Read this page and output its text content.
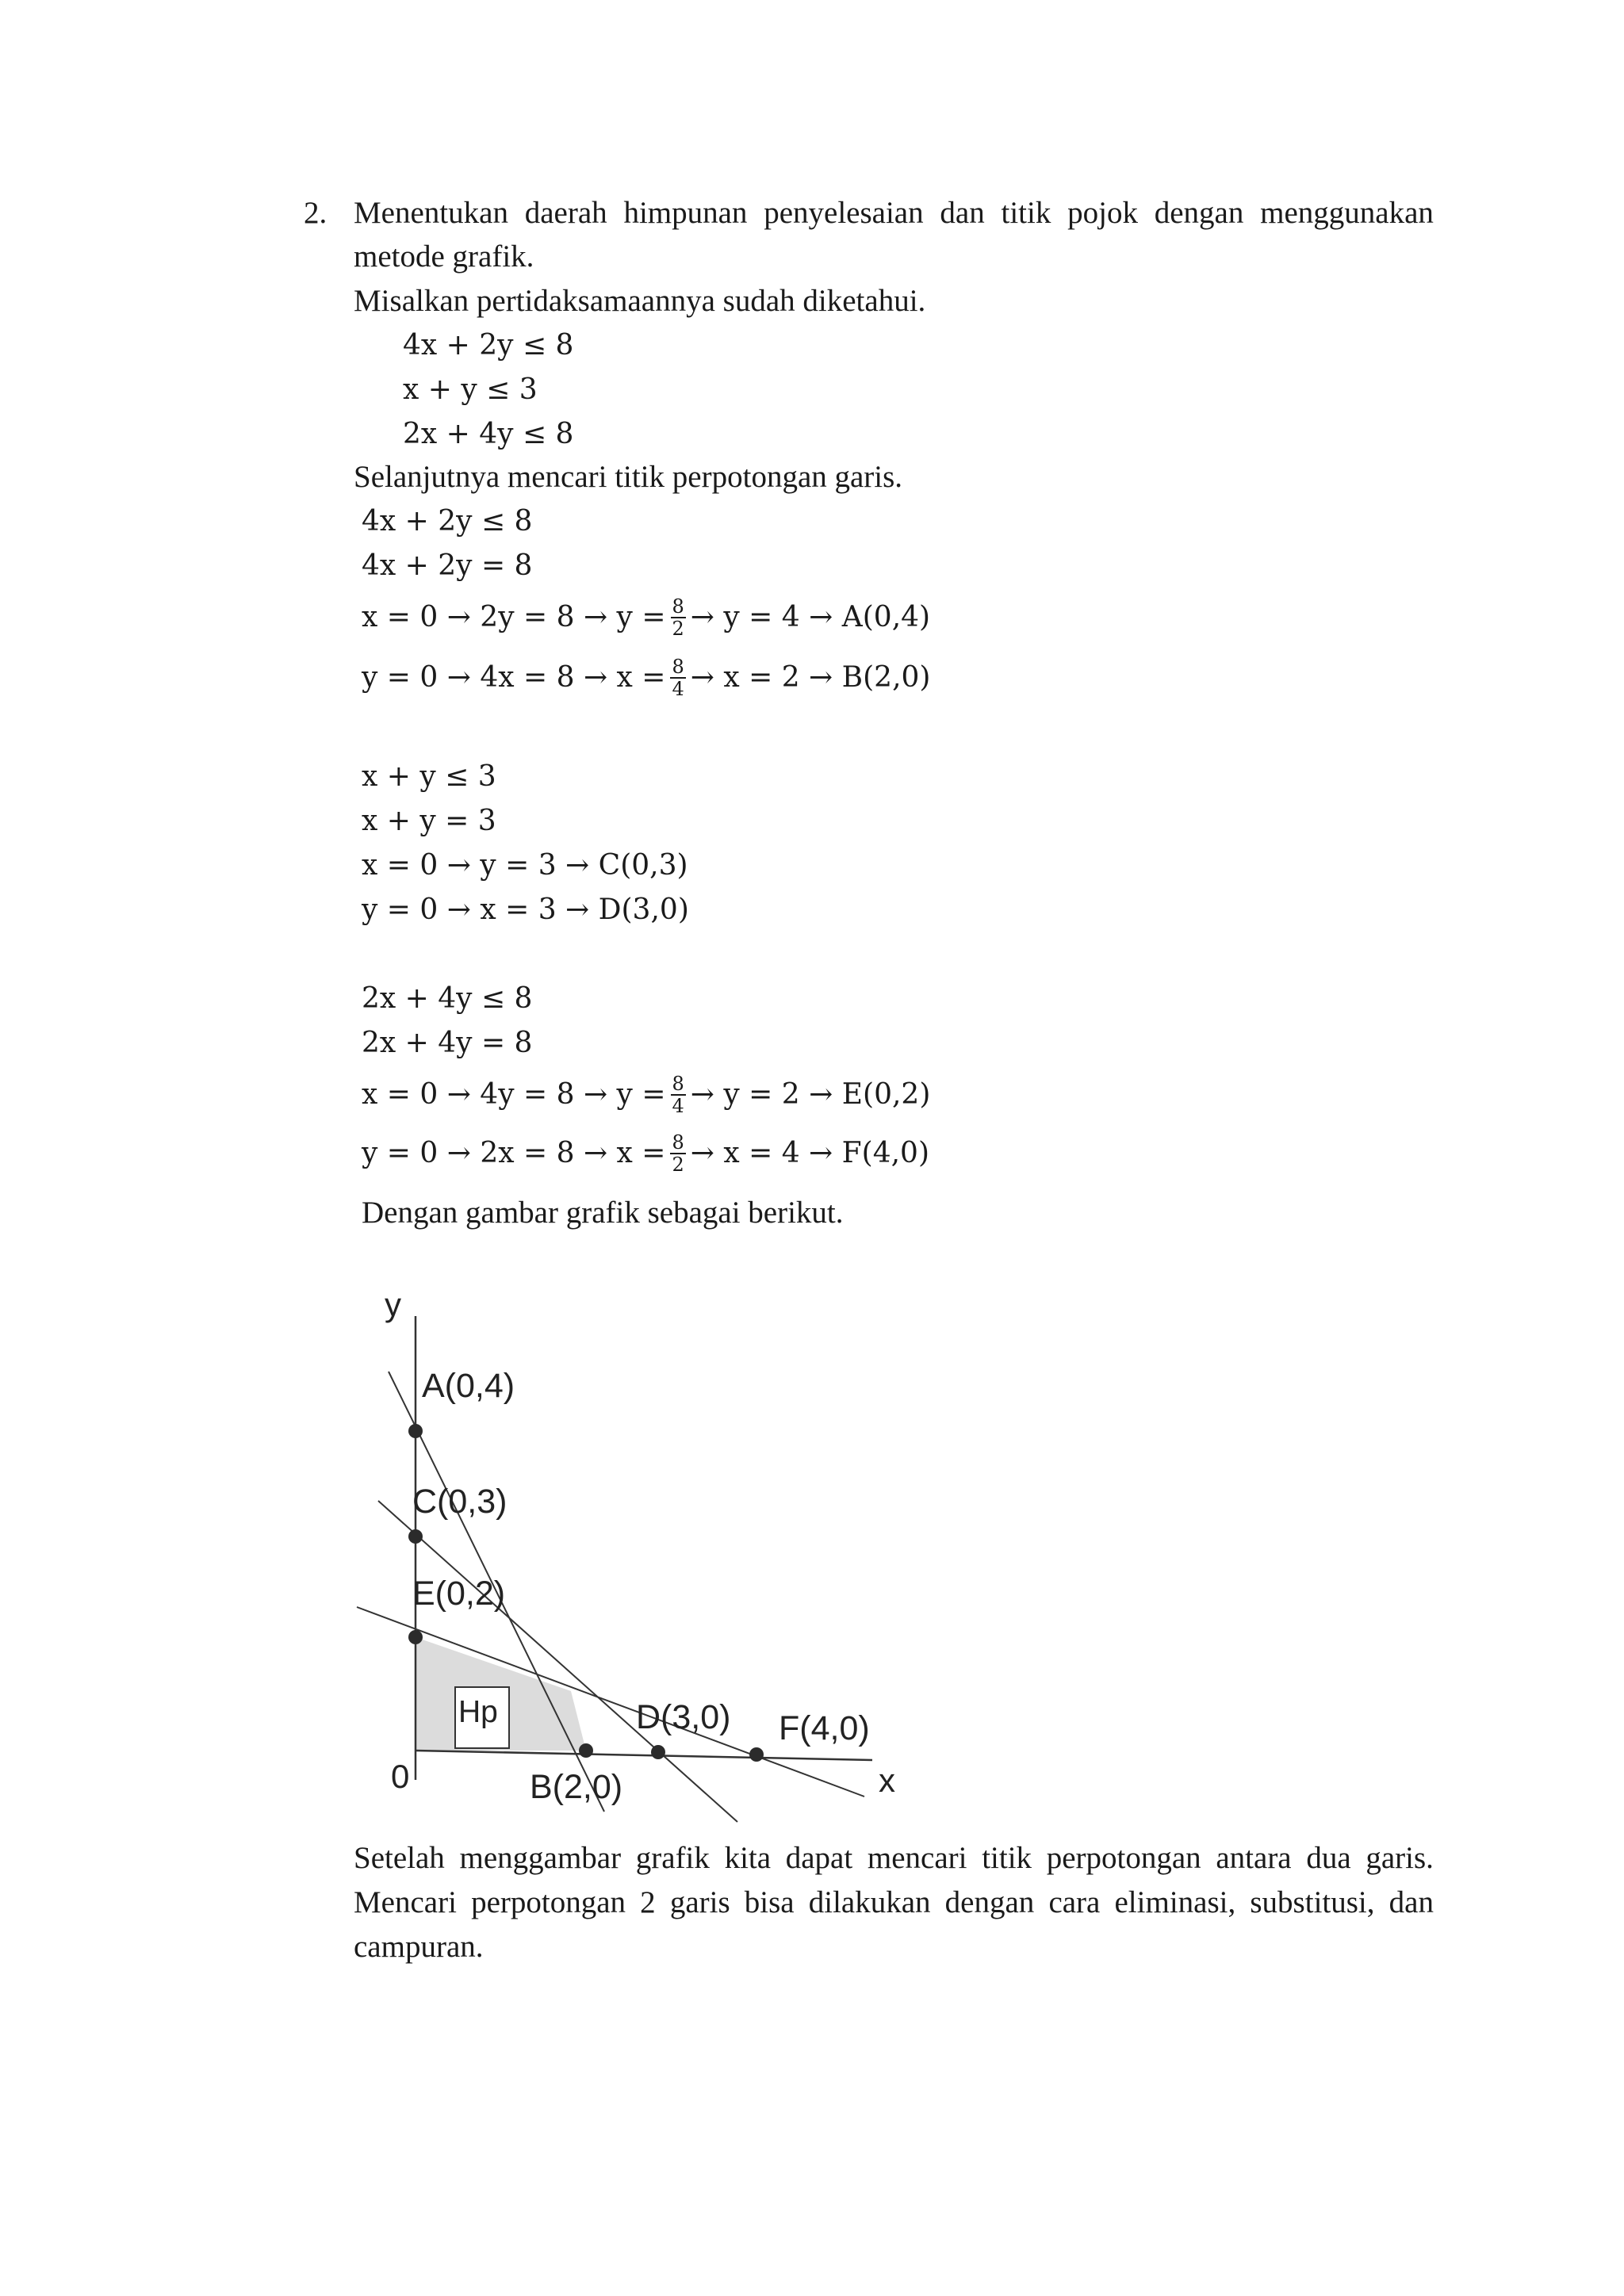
2. Menentukan daerah himpunan penyelesaian dan titik pojok dengan menggunakan
metode grafik.
Misalkan pertidaksamaannya sudah diketahui.
4x + 2y ≤ 8
x + y ≤ 3
2x + 4y ≤ 8
Selanjutnya mencari titik perpotongan garis.
4x + 2y ≤ 8
4x + 2y = 8
$x = 0 \to 2y = 8 \to y = \frac{8}{2} \to y = 4 \to A(0,4)$
$y = 0 \to 4x = 8 \to x = \frac{8}{4} \to x = 2 \to B(2,0)$
x + y ≤ 3
x + y = 3
x = 0 → y = 3 → C(0,3)
y = 0 → x = 3 → D(3,0)
2x + 4y ≤ 8
2x + 4y = 8
$x = 0 \to 4y = 8 \to y = \frac{8}{4} \to y = 2 \to E(0,2)$
$y = 0 \to 2x = 8 \to x = \frac{8}{2} \to x = 4 \to F(4,0)$
Dengan gambar grafik sebagai berikut.
Hp
y
x
0
A(0,4)
C(0,3)
E(0,2)
B(2,0)
D(3,0) F(4,0)
Setelah menggambar grafik kita dapat mencari titik perpotongan antara dua garis.
Mencari perpotongan 2 garis bisa dilakukan dengan cara eliminasi, substitusi, dan
campuran.
